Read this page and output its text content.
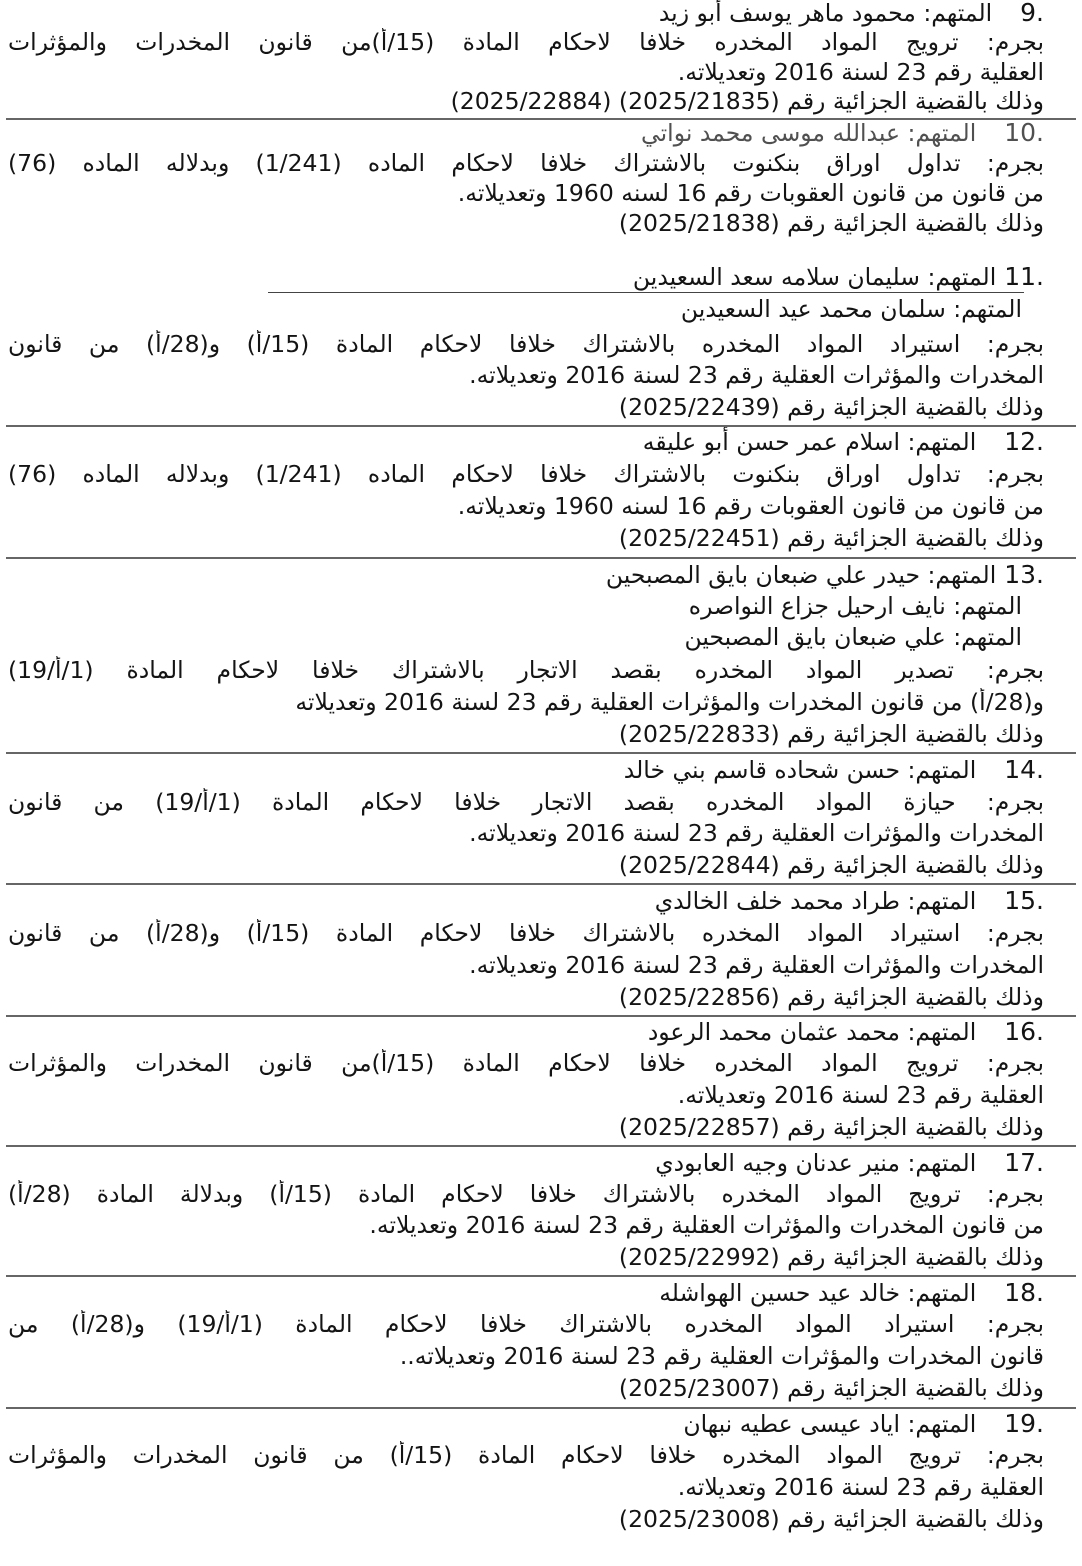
9.المتهم: محمود ماهر يوسف أبو زيد
بجرم: ترويج المواد المخدره خلافا لاحكام المادة (15/أ)من قانون المخدرات والمؤثرات
العقلية رقم 23 لسنة 2016 وتعديلاته.
وذلك بالقضية الجزائية رقم (2025/21835) (2025/22884)
10.المتهم: عبدالله موسى محمد نواتي
بجرم: تداول اوراق بنكنوت بالاشتراك خلافا لاحكام الماده (1/241) وبدلاله الماده (76)
من قانون من قانون العقوبات رقم 16 لسنه 1960 وتعديلاته.
وذلك بالقضية الجزائية رقم (2025/21838)
11.المتهم: سليمان سلامه سعد السعيدين
المتهم: سلمان محمد عيد السعيدين
بجرم: استيراد المواد المخدره بالاشتراك خلافا لاحكام المادة (15/أ) و(28/أ) من قانون
المخدرات والمؤثرات العقلية رقم 23 لسنة 2016 وتعديلاته.
وذلك بالقضية الجزائية رقم (2025/22439)
12.المتهم: اسلام عمر حسن أبو عليقه
بجرم: تداول اوراق بنكنوت بالاشتراك خلافا لاحكام الماده (1/241) وبدلاله الماده (76)
من قانون من قانون العقوبات رقم 16 لسنه 1960 وتعديلاته.
وذلك بالقضية الجزائية رقم (2025/22451)
13.المتهم: حيدر علي ضبعان بايق المصبحين
المتهم: نايف ارحيل جزاع النواصره
المتهم: علي ضبعان بايق المصبحين
بجرم: تصدير المواد المخدره بقصد الاتجار بالاشتراك خلافا لاحكام المادة (1/أ/19)
و(28/أ) من قانون المخدرات والمؤثرات العقلية رقم 23 لسنة 2016 وتعديلاته
وذلك بالقضية الجزائية رقم (2025/22833)
14.المتهم: حسن شحاده قاسم بني خالد
بجرم: حيازة المواد المخدره بقصد الاتجار خلافا لاحكام المادة (1/أ/19) من قانون
المخدرات والمؤثرات العقلية رقم 23 لسنة 2016 وتعديلاته.
وذلك بالقضية الجزائية رقم (2025/22844)
15.المتهم: طراد محمد خلف الخالدي
بجرم: استيراد المواد المخدره بالاشتراك خلافا لاحكام المادة (15/أ) و(28/أ) من قانون
المخدرات والمؤثرات العقلية رقم 23 لسنة 2016 وتعديلاته.
وذلك بالقضية الجزائية رقم (2025/22856)
16.المتهم: محمد عثمان محمد الرعود
بجرم: ترويج المواد المخدره خلافا لاحكام المادة (15/أ)من قانون المخدرات والمؤثرات
العقلية رقم 23 لسنة 2016 وتعديلاته.
وذلك بالقضية الجزائية رقم (2025/22857)
17.المتهم: منير عدنان وجيه العابودي
بجرم: ترويج المواد المخدره بالاشتراك خلافا لاحكام المادة (15/أ) وبدلالة المادة (28/أ)
من قانون المخدرات والمؤثرات العقلية رقم 23 لسنة 2016 وتعديلاته.
وذلك بالقضية الجزائية رقم (2025/22992)
18.المتهم: خالد عيد حسين الهواشله
بجرم: استيراد المواد المخدره بالاشتراك خلافا لاحكام المادة (1/أ/19) و(28/أ) من
قانون المخدرات والمؤثرات العقلية رقم 23 لسنة 2016 وتعديلاته..
وذلك بالقضية الجزائية رقم (2025/23007)
19.المتهم: اياد عيسى عطيه نبهان
بجرم: ترويج المواد المخدره خلافا لاحكام المادة (15/أ) من قانون المخدرات والمؤثرات
العقلية رقم 23 لسنة 2016 وتعديلاته.
وذلك بالقضية الجزائية رقم (2025/23008)
